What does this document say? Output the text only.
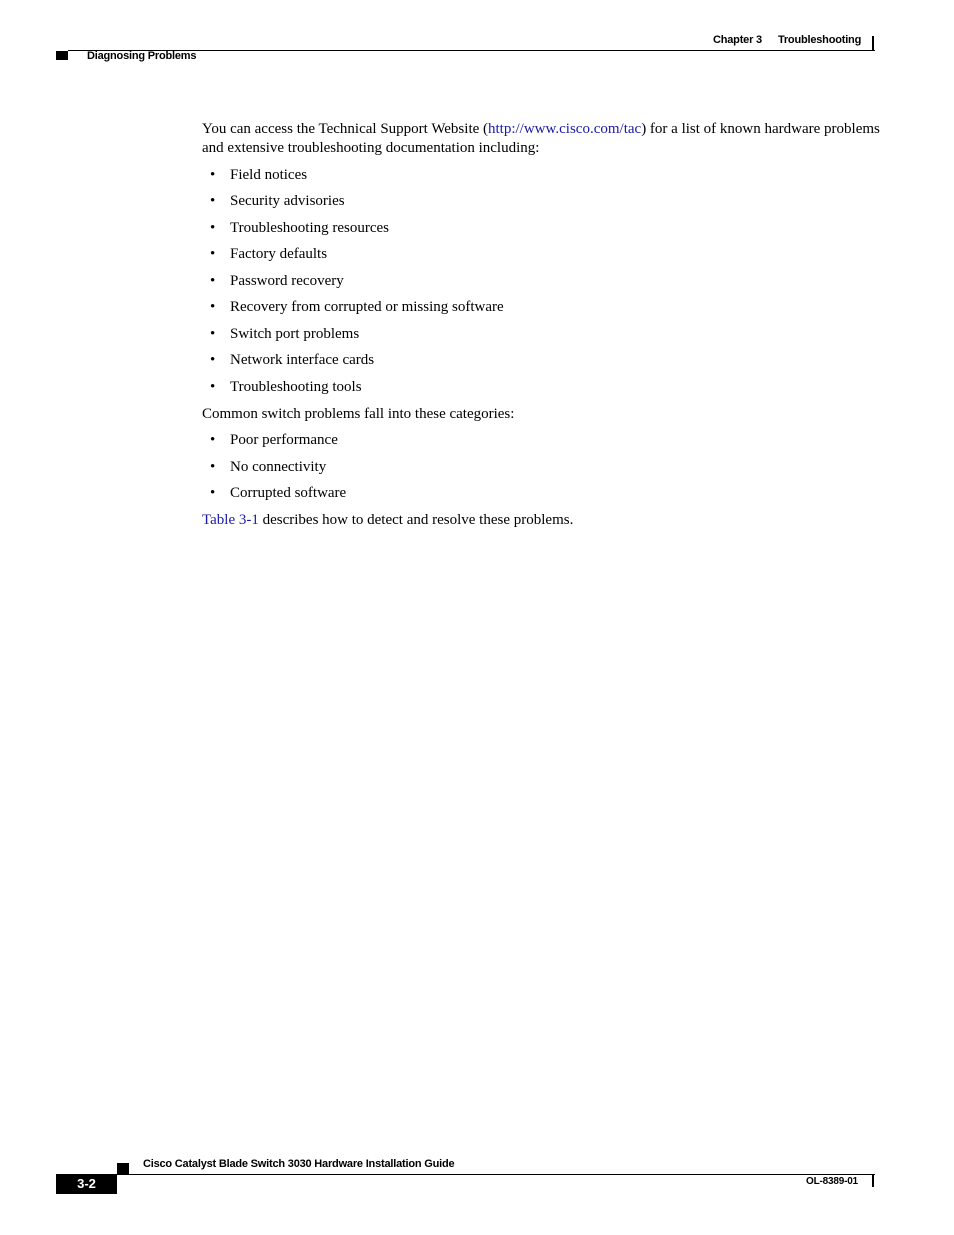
Chapter 3 Troubleshooting
Diagnosing Problems

You can access the Technical Support Website (http://www.cisco.com/tac) for a list of known hardware problems and extensive troubleshooting documentation including:

• Field notices
• Security advisories
• Troubleshooting resources
• Factory defaults
• Password recovery
• Recovery from corrupted or missing software
• Switch port problems
• Network interface cards
• Troubleshooting tools

Common switch problems fall into these categories:

• Poor performance
• No connectivity
• Corrupted software

Table 3-1 describes how to detect and resolve these problems.

Cisco Catalyst Blade Switch 3030 Hardware Installation Guide
3-2	OL-8389-01
